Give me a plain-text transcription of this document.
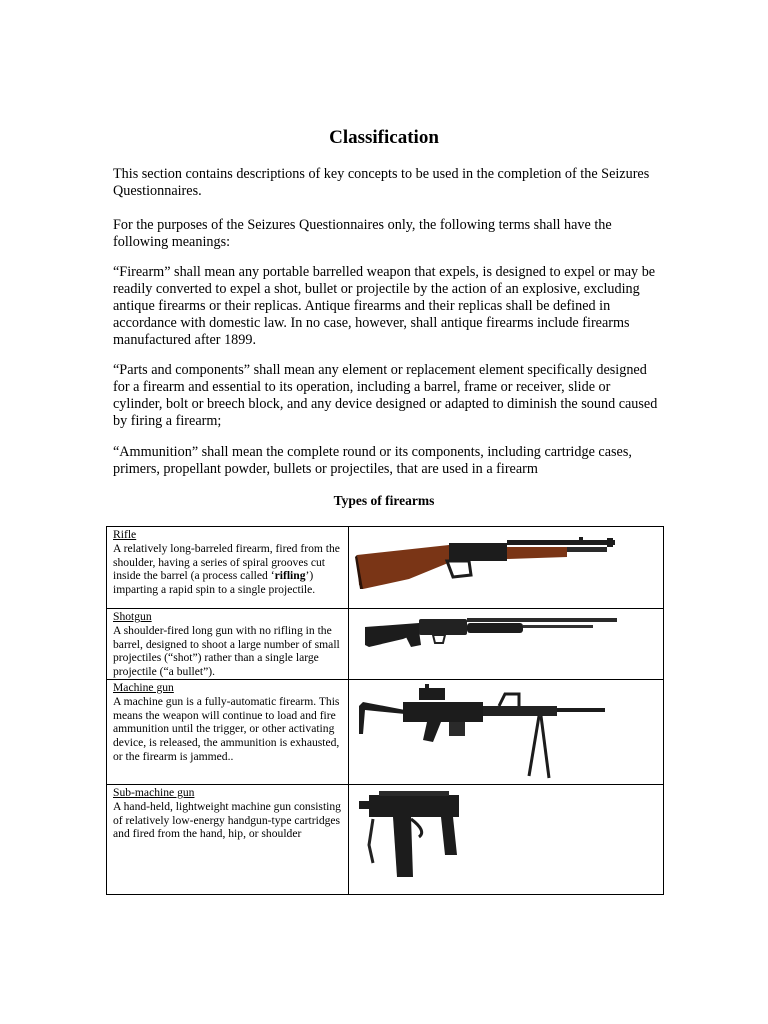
Classification
This section contains descriptions of key concepts to be used in the completion of the Seizures Questionnaires.
For the purposes of the Seizures Questionnaires only, the following terms shall have the following meanings:
“Firearm” shall mean any portable barrelled weapon that expels, is designed to expel or may be readily converted to expel a shot, bullet or projectile by the action of an explosive, excluding antique firearms or their replicas. Antique firearms and their replicas shall be defined in accordance with domestic law. In no case, however, shall antique firearms include firearms manufactured after 1899.
“Parts and components” shall mean any element or replacement element specifically designed for a firearm and essential to its operation, including a barrel, frame or receiver, slide or cylinder, bolt or breech block, and any device designed or adapted to diminish the sound caused by firing a firearm;
“Ammunition” shall mean the complete round or its components, including cartridge cases, primers, propellant powder, bullets or projectiles, that are used in a firearm
Types of firearms
Rifle
A relatively long-barreled firearm, fired from the shoulder, having a series of spiral grooves cut inside the barrel (a process called ‘rifling’) imparting a rapid spin to a single projectile.	

Shotgun
A shoulder-fired long gun with no rifling in the barrel, designed to shoot a large number of small projectiles (“shot”) rather than a single large projectile (“a bullet”).	

Machine gun
A machine gun is a fully-automatic firearm. This means the weapon will continue to load and fire ammunition until the trigger, or other activating device, is released, the ammunition is exhausted, or the firearm is jammed..	

Sub-machine gun
A hand-held, lightweight machine gun consisting of relatively low-energy handgun-type cartridges and fired from the hand, hip, or shoulder	
